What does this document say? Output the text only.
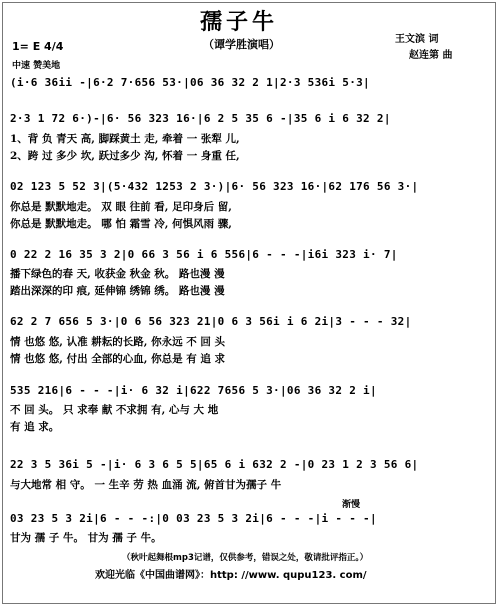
孺子牛
（谭学胜演唱）
1= E 4/4
中速 赞美地
王文滨 词
赵连第 曲
(i·6 36ii -|6·2 7·656 53·|06 36 32 2 1|2·3 536i 5·3|
2·3 1 72 6·)-|6· 56 323 16·|6 2 5 35 6 -|35 6 i 6 32 2|
1、背 负 青天 高, 脚踩黄土 走, 牵着 一 张犁 儿,
2、跨 过 多少 坎, 跃过多少 沟, 怀着 一 身重 任,
02 123 5 52 3|(5·432 1253 2 3·)|6· 56 323 16·|62 176 56 3·|
你总是 默默地走。 双 眼 往前 看, 足印身后 留,
你总是 默默地走。 哪 怕 霜雪 冷, 何惧风雨 骤,
0 22 2 16 35 3 2|0 66 3 56 i 6 556|6 - - -|i6i 323 i· 7|
播下绿色的春 天, 收获金 秋金 秋。 路也漫 漫
踏出深深的印 痕, 延伸锦 绣锦 绣。 路也漫 漫
62 2 7 656 5 3·|0 6 56 323 21|0 6 3 56i i 6 2i|3 - - - 32|
情 也悠 悠, 认准 耕耘的长路, 你永远 不 回 头
情 也悠 悠, 付出 全部的心血, 你总是 有 追 求
535 216|6 - - -|i· 6 32 i|622 7656 5 3·|06 36 32 2 i|
不 回 头。 只 求奉 献 不求拥 有, 心与 大 地
有 追 求。
22 3 5 36i 5 -|i· 6 3 6 5 5|65 6 i 632 2 -|0 23 1 2 3 56 6|
与大地常 相 守。 一 生辛 劳 热 血涌 流, 俯首甘为孺子 牛
渐慢
03 23 5 3 2i|6 - - -:|0 03 23 5 3 2i|6 - - -|i - - -|
甘为 孺 子 牛。 甘为 孺 子 牛。
（秋叶起舞根mp3记谱，仅供参考，错误之处，敬请批评指正。）
欢迎光临《中国曲谱网》：http: //www. qupu123. com/
